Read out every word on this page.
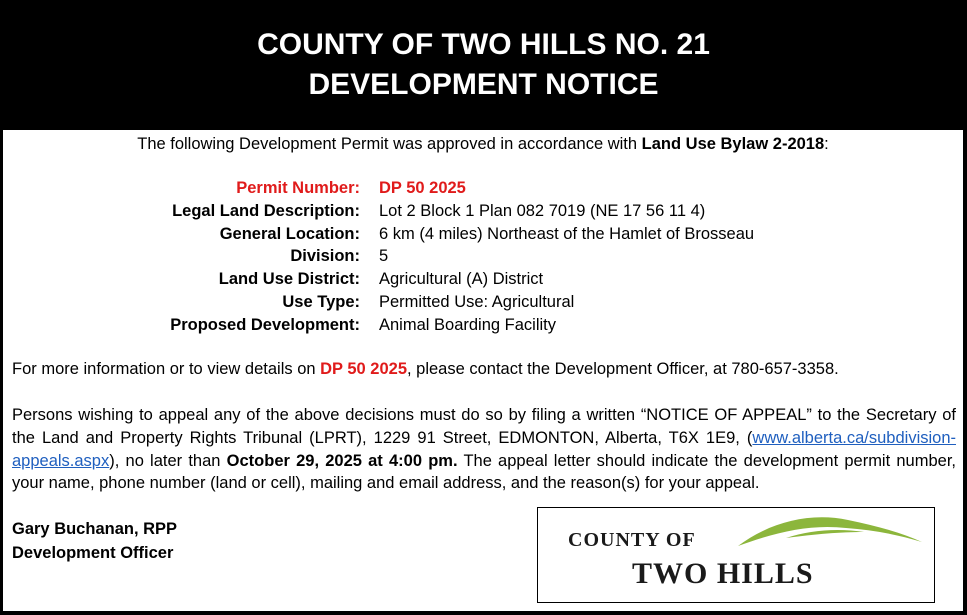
COUNTY OF TWO HILLS NO. 21
DEVELOPMENT NOTICE
The following Development Permit was approved in accordance with Land Use Bylaw 2-2018:
Permit Number: DP 50 2025
Legal Land Description: Lot 2 Block 1 Plan 082 7019 (NE 17 56 11 4)
General Location: 6 km (4 miles) Northeast of the Hamlet of Brosseau
Division: 5
Land Use District: Agricultural (A) District
Use Type: Permitted Use: Agricultural
Proposed Development: Animal Boarding Facility
For more information or to view details on DP 50 2025, please contact the Development Officer, at 780-657-3358.
Persons wishing to appeal any of the above decisions must do so by filing a written “NOTICE OF APPEAL” to the Secretary of the Land and Property Rights Tribunal (LPRT), 1229 91 Street, EDMONTON, Alberta, T6X 1E9, (www.alberta.ca/subdivision-appeals.aspx), no later than October 29, 2025 at 4:00 pm. The appeal letter should indicate the development permit number, your name, phone number (land or cell), mailing and email address, and the reason(s) for your appeal.
Gary Buchanan, RPP
Development Officer
COUNTY OF
TWO HILLS
